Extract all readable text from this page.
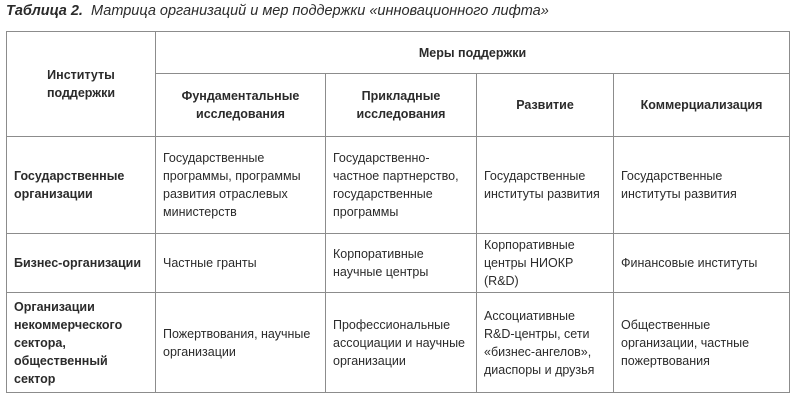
Таблица 2. Матрица организаций и мер поддержки «инновационного лифта»
Институты поддержки	Меры поддержки			
	Фундаментальные исследования	Прикладные исследования	Развитие	Коммерциализация
Государственные организации	Государственные программы, программы развития отраслевых министерств	Государственно-частное партнерство, государственные программы	Государственные институты развития	Государственные институты развития
Бизнес-организации	Частные гранты	Корпоративные научные центры	Корпоративные центры НИОКР (R&D)	Финансовые институты
Организации некоммерческого сектора, общественный сектор	Пожертвования, научные организации	Профессиональные ассоциации и научные организации	Ассоциативные R&D-центры, сети «бизнес-ангелов», диаспоры и друзья	Общественные организации, частные пожертвования
